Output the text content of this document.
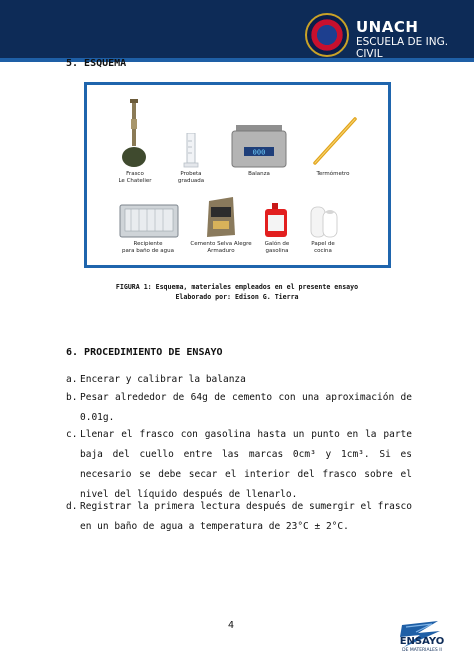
UNACH
ESCUELA DE ING. CIVIL
5. ESQUEMA
Frasco
Le Chatelier
Probeta
graduada
000
Balanza	Termómetro
Recipiente
para baño de agua
Cemento Selva Alegre
Armaduro
Galón de
gasolina
Papel de
cocina
FIGURA 1: Esquema, materiales empleados en el presente ensayo
Elaborado por: Edison G. Tierra
6. PROCEDIMIENTO DE ENSAYO
a. Encerar y calibrar la balanza
b. Pesar alrededor de 64g de cemento con una aproximación de 0.01g.
c. Llenar el frasco con gasolina hasta un punto en la parte baja del cuello entre las marcas 0cm³ y 1cm³. Si es necesario se debe secar el interior del frasco sobre el nivel del líquido después de llenarlo.
d. Registrar la primera lectura después de sumergir el frasco en un baño de agua a temperatura de 23°C ± 2°C.
4
ENSAYO
DE MATERIALES II
